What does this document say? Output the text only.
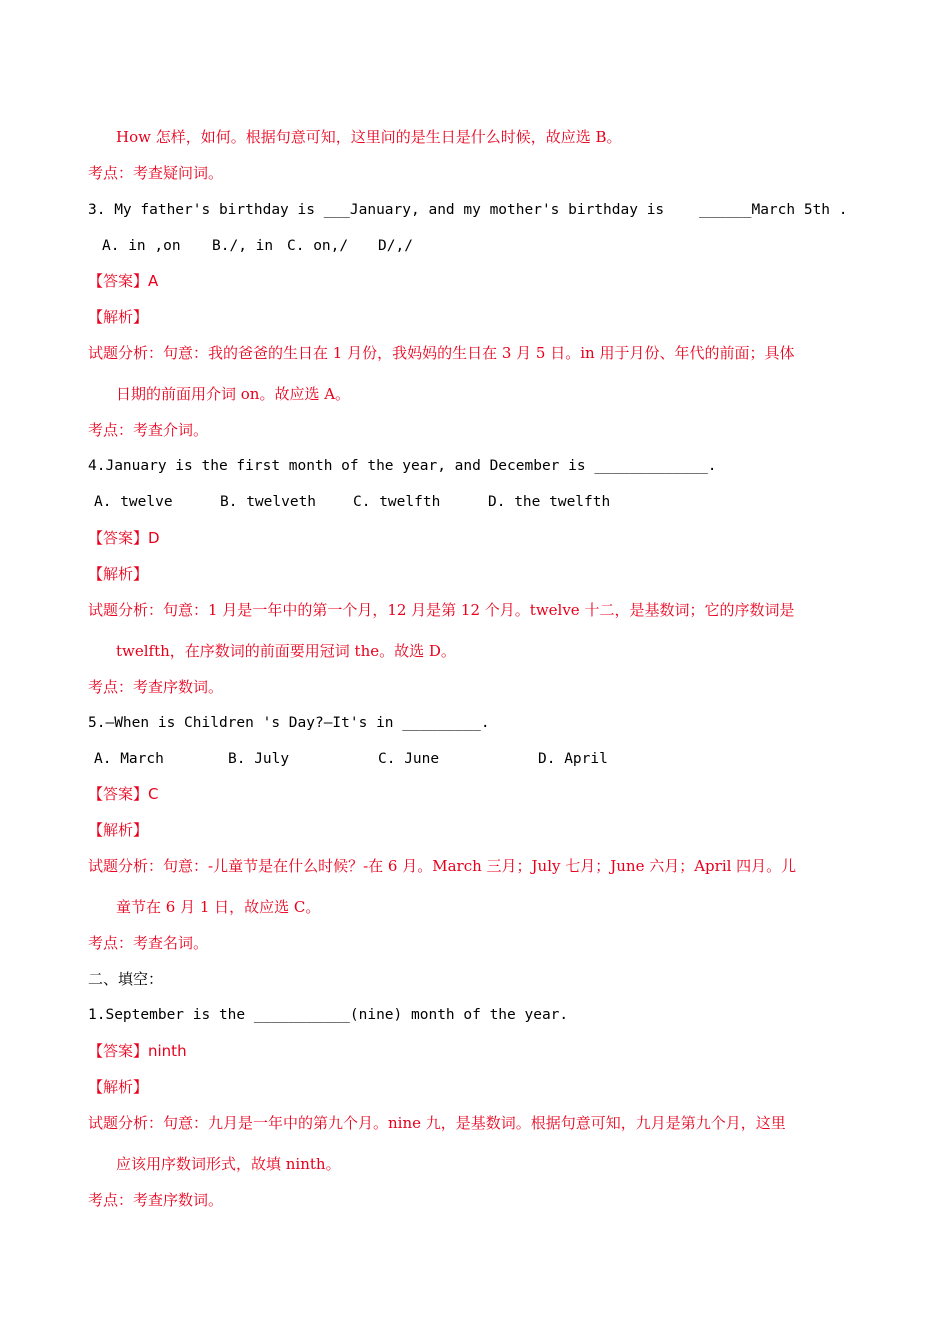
How 怎样，如何。根据句意可知，这里问的是生日是什么时候，故应选 B。
考点：考查疑问词。
3. My father's birthday is ___January, and my mother's birthday is    ______March 5th .
A. in ,on B./, in C. on,/ D/,/
【答案】A
【解析】
试题分析：句意：我的爸爸的生日在 1 月份，我妈妈的生日在 3 月 5 日。in 用于月份、年代的前面；具体
日期的前面用介词 on。故应选 A。
考点：考查介词。
4.January is the first month of the year, and December is _____________.
A. twelve	B. twelveth	C. twelfth	D. the twelfth
【答案】D
【解析】
试题分析：句意：1 月是一年中的第一个月，12 月是第 12 个月。twelve 十二，是基数词；它的序数词是
twelfth，在序数词的前面要用冠词 the。故选 D。
考点：考查序数词。
5.—When is Children 's Day?—It's in _________.
A. March	B. July	C. June	D. April
【答案】C
【解析】
试题分析：句意：-儿童节是在什么时候？-在 6 月。March 三月；July 七月；June 六月；April 四月。儿
童节在 6 月 1 日，故应选 C。
考点：考查名词。
二、填空：
1.September is the ___________(nine) month of the year.
【答案】ninth
【解析】
试题分析：句意：九月是一年中的第九个月。nine 九，是基数词。根据句意可知，九月是第九个月，这里
应该用序数词形式，故填 ninth。
考点：考查序数词。
